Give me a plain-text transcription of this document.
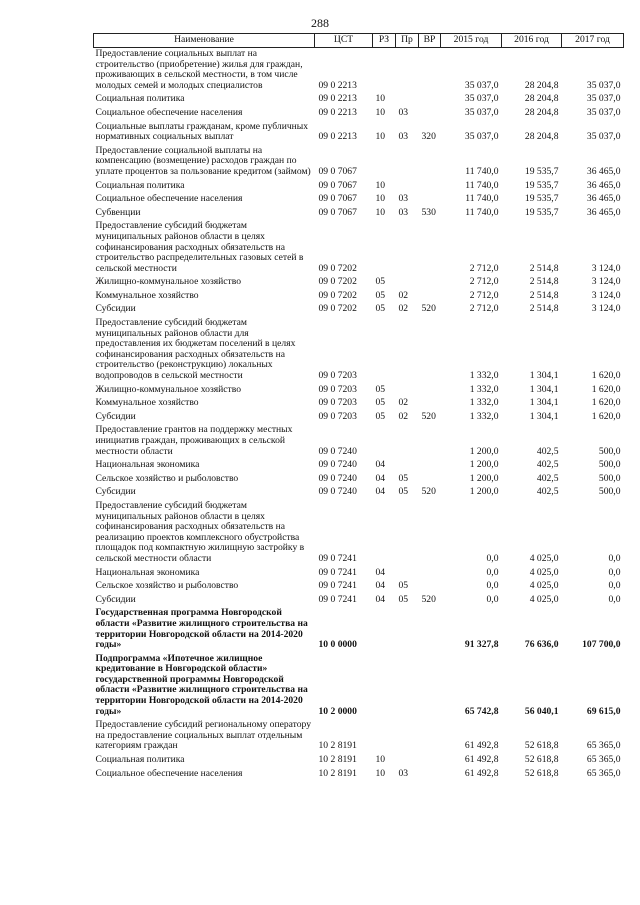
288
Наименование	ЦСТ	РЗ	Пр	ВР	2015 год	2016 год	2017 год
Предоставление социальных выплат на строительство (приобретение) жилья для граждан, проживающих в сельской местности, в том числе молодых семей и молодых специалистов	09 0 2213				35 037,0	28 204,8	35 037,0
Социальная политика	09 0 2213	10			35 037,0	28 204,8	35 037,0
Социальное обеспечение населения	09 0 2213	10	03		35 037,0	28 204,8	35 037,0
Социальные выплаты гражданам, кроме публичных нормативных социальных выплат	09 0 2213	10	03	320	35 037,0	28 204,8	35 037,0
Предоставление социальной выплаты на компенсацию (возмещение) расходов граждан по уплате процентов за пользование кредитом (займом)	09 0 7067				11 740,0	19 535,7	36 465,0
Социальная политика	09 0 7067	10			11 740,0	19 535,7	36 465,0
Социальное обеспечение населения	09 0 7067	10	03		11 740,0	19 535,7	36 465,0
Субвенции	09 0 7067	10	03	530	11 740,0	19 535,7	36 465,0
Предоставление субсидий бюджетам муниципальных районов области в целях софинансирования расходных обязательств на строительство распределительных газовых сетей в сельской местности	09 0 7202				2 712,0	2 514,8	3 124,0
Жилищно-коммунальное хозяйство	09 0 7202	05			2 712,0	2 514,8	3 124,0
Коммунальное хозяйство	09 0 7202	05	02		2 712,0	2 514,8	3 124,0
Субсидии	09 0 7202	05	02	520	2 712,0	2 514,8	3 124,0
Предоставление субсидий бюджетам муниципальных районов области для предоставления их бюджетам поселений в целях софинансирования расходных обязательств на строительство (реконструкцию) локальных водопроводов в сельской местности	09 0 7203				1 332,0	1 304,1	1 620,0
Жилищно-коммунальное хозяйство	09 0 7203	05			1 332,0	1 304,1	1 620,0
Коммунальное хозяйство	09 0 7203	05	02		1 332,0	1 304,1	1 620,0
Субсидии	09 0 7203	05	02	520	1 332,0	1 304,1	1 620,0
Предоставление грантов на поддержку местных инициатив граждан, проживающих в сельской местности области	09 0 7240				1 200,0	402,5	500,0
Национальная экономика	09 0 7240	04			1 200,0	402,5	500,0
Сельское хозяйство и рыболовство	09 0 7240	04	05		1 200,0	402,5	500,0
Субсидии	09 0 7240	04	05	520	1 200,0	402,5	500,0
Предоставление субсидий бюджетам муниципальных районов области в целях софинансирования расходных обязательств на реализацию проектов комплексного обустройства площадок под компактную жилищную застройку в сельской местности области	09 0 7241				0,0	4 025,0	0,0
Национальная экономика	09 0 7241	04			0,0	4 025,0	0,0
Сельское хозяйство и рыболовство	09 0 7241	04	05		0,0	4 025,0	0,0
Субсидии	09 0 7241	04	05	520	0,0	4 025,0	0,0
Государственная программа Новгородской области «Развитие жилищного строительства на территории Новгородской области на 2014-2020 годы»	10 0 0000				91 327,8	76 636,0	107 700,0
Подпрограмма «Ипотечное жилищное кредитование в Новгородской области» государственной программы Новгородской области «Развитие жилищного строительства на территории Новгородской области на 2014-2020 годы»	10 2 0000				65 742,8	56 040,1	69 615,0
Предоставление субсидий региональному оператору на предоставление социальных выплат отдельным категориям граждан	10 2 8191				61 492,8	52 618,8	65 365,0
Социальная политика	10 2 8191	10			61 492,8	52 618,8	65 365,0
Социальное обеспечение населения	10 2 8191	10	03		61 492,8	52 618,8	65 365,0
